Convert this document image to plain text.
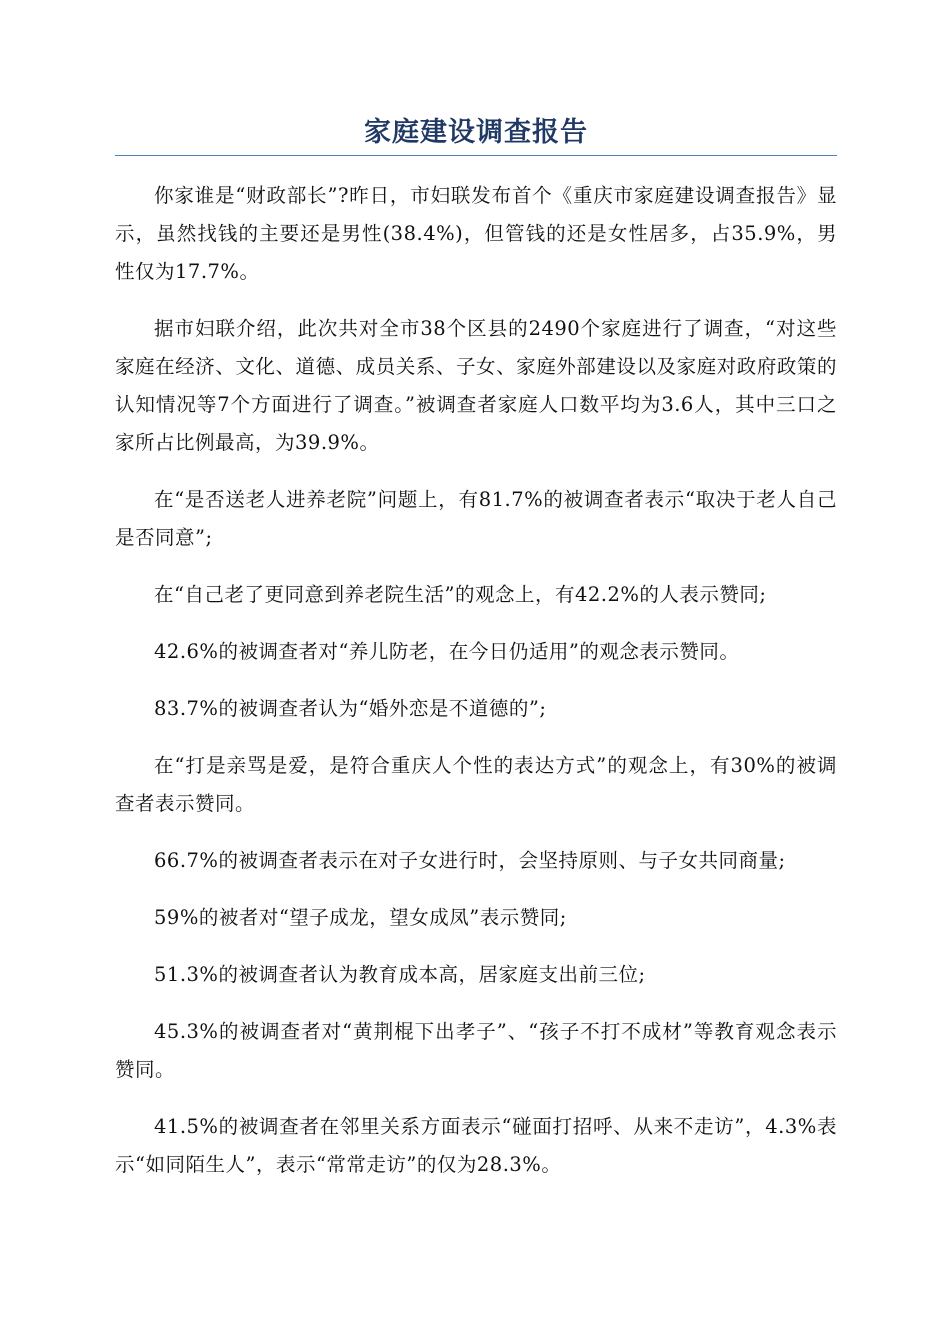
家庭建设调查报告

你家谁是“财政部长”?昨日，市妇联发布首个《重庆市家庭建设调查报告》显示，虽然找钱的主要还是男性(38.4%)，但管钱的还是女性居多，占35.9%，男性仅为17.7%。

据市妇联介绍，此次共对全市38个区县的2490个家庭进行了调查，“对这些家庭在经济、文化、道德、成员关系、子女、家庭外部建设以及家庭对政府政策的认知情况等7个方面进行了调查。”被调查者家庭人口数平均为3.6人，其中三口之家所占比例最高，为39.9%。

在“是否送老人进养老院”问题上，有81.7%的被调查者表示“取决于老人自己是否同意”;

在“自己老了更同意到养老院生活”的观念上，有42.2%的人表示赞同;

42.6%的被调查者对“养儿防老，在今日仍适用”的观念表示赞同。

83.7%的被调查者认为“婚外恋是不道德的”;

在“打是亲骂是爱，是符合重庆人个性的表达方式”的观念上，有30%的被调查者表示赞同。

66.7%的被调查者表示在对子女进行时，会坚持原则、与子女共同商量;

59%的被者对“望子成龙，望女成凤”表示赞同;

51.3%的被调查者认为教育成本高，居家庭支出前三位;

45.3%的被调查者对“黄荆棍下出孝子”、“孩子不打不成材”等教育观念表示赞同。

41.5%的被调查者在邻里关系方面表示“碰面打招呼、从来不走访”，4.3%表示“如同陌生人”，表示“常常走访”的仅为28.3%。
